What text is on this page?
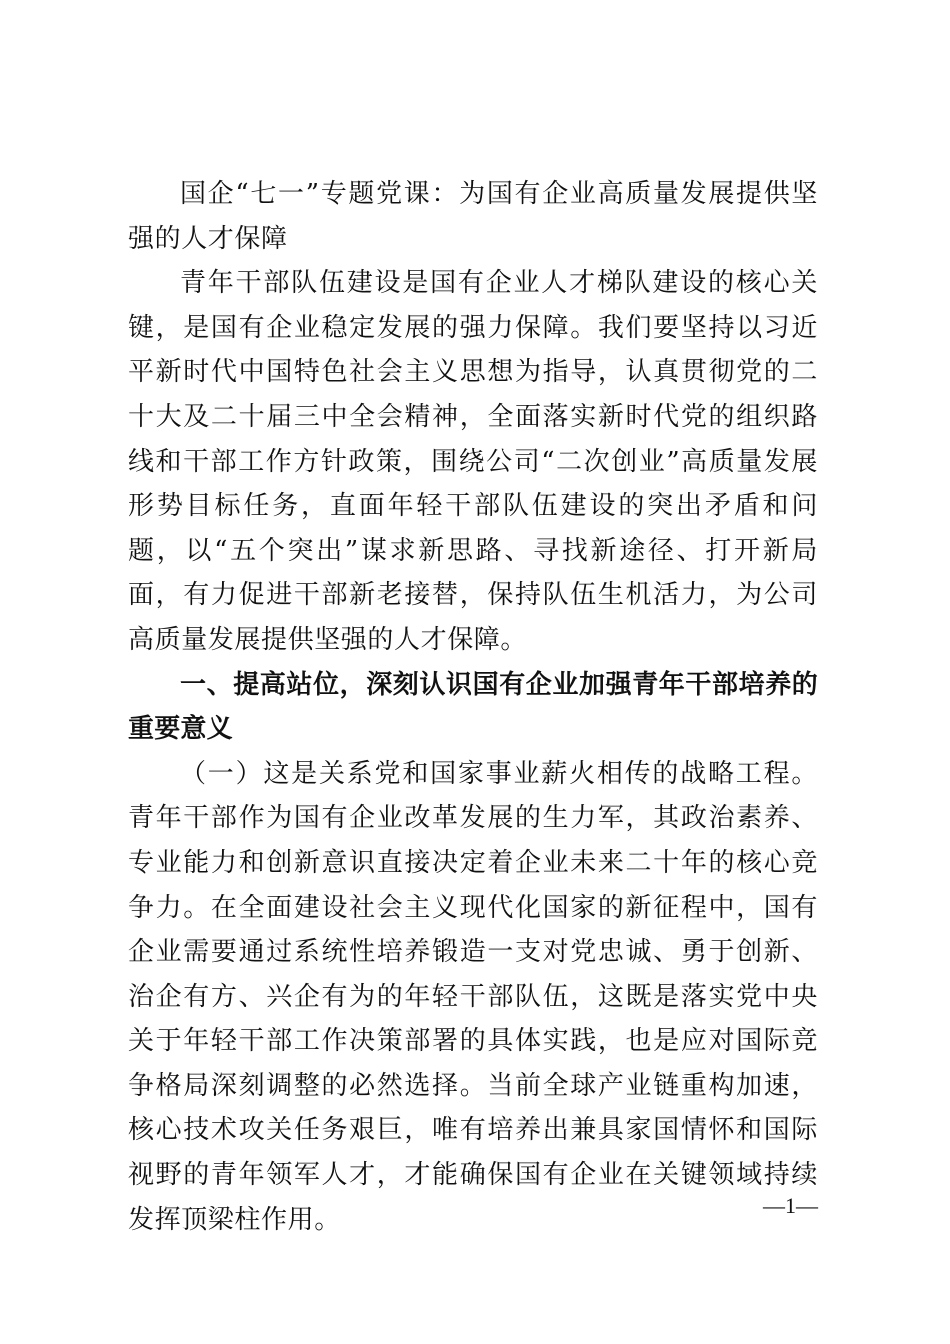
国企“七一”专题党课：为国有企业高质量发展提供坚强的人才保障

青年干部队伍建设是国有企业人才梯队建设的核心关键，是国有企业稳定发展的强力保障。我们要坚持以习近平新时代中国特色社会主义思想为指导，认真贯彻党的二十大及二十届三中全会精神，全面落实新时代党的组织路线和干部工作方针政策，围绕公司“二次创业”高质量发展形势目标任务，直面年轻干部队伍建设的突出矛盾和问题，以“五个突出”谋求新思路、寻找新途径、打开新局面，有力促进干部新老接替，保持队伍生机活力，为公司高质量发展提供坚强的人才保障。

一、提高站位，深刻认识国有企业加强青年干部培养的重要意义

（一）这是关系党和国家事业薪火相传的战略工程。青年干部作为国有企业改革发展的生力军，其政治素养、专业能力和创新意识直接决定着企业未来二十年的核心竞争力。在全面建设社会主义现代化国家的新征程中，国有企业需要通过系统性培养锻造一支对党忠诚、勇于创新、治企有方、兴企有为的年轻干部队伍，这既是落实党中央关于年轻干部工作决策部署的具体实践，也是应对国际竞争格局深刻调整的必然选择。当前全球产业链重构加速，核心技术攻关任务艰巨，唯有培养出兼具家国情怀和国际视野的青年领军人才，才能确保国有企业在关键领域持续发挥顶梁柱作用。	—1—
